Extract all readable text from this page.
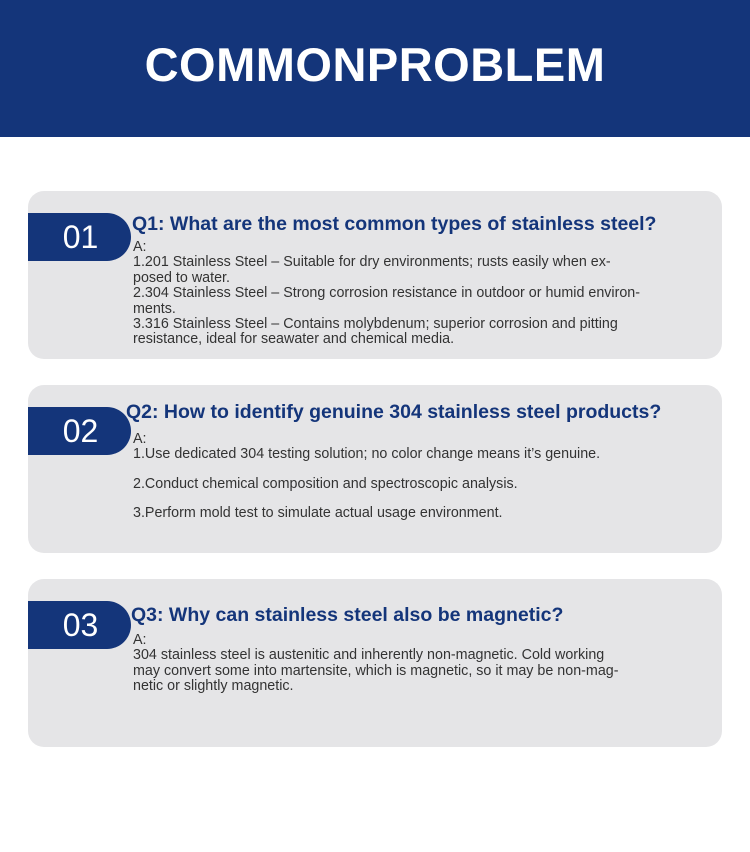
COMMONPROBLEM
01	Q1: What are the most common types of stainless steel?
A:
1.201 Stainless Steel – Suitable for dry environments; rusts easily when ex-
posed to water.
2.304 Stainless Steel – Strong corrosion resistance in outdoor or humid environ-
ments.
3.316 Stainless Steel – Contains molybdenum; superior corrosion and pitting
resistance, ideal for seawater and chemical media.
02
Q2: How to identify genuine 304 stainless steel products?
A:
1.Use dedicated 304 testing solution; no color change means it’s genuine.
2.Conduct chemical composition and spectroscopic analysis.
3.Perform mold test to simulate actual usage environment.
03	Q3: Why can stainless steel also be magnetic?
A:
304 stainless steel is austenitic and inherently non-magnetic. Cold working
may convert some into martensite, which is magnetic, so it may be non-mag-
netic or slightly magnetic.
